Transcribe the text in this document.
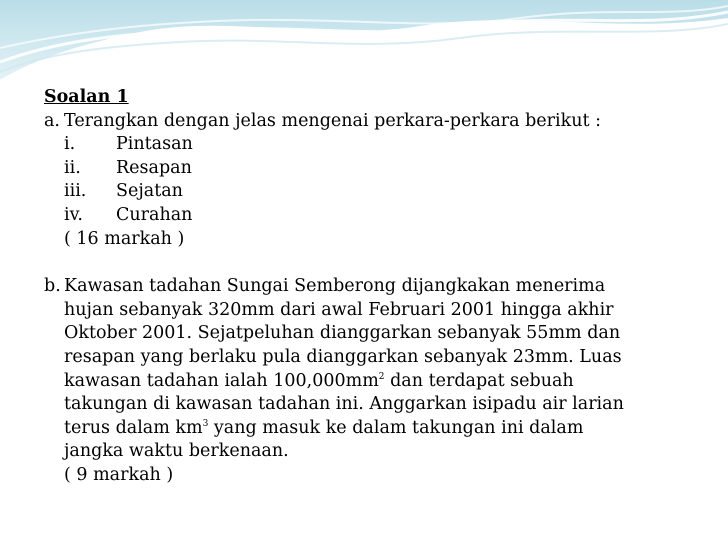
Soalan 1
a. Terangkan dengan jelas mengenai perkara-perkara berikut :
i. Pintasan
ii. Resapan
iii. Sejatan
iv. Curahan
( 16 markah )
b. Kawasan tadahan Sungai Semberong dijangkakan menerima
hujan sebanyak 320mm dari awal Februari 2001 hingga akhir
Oktober 2001. Sejatpeluhan dianggarkan sebanyak 55mm dan
resapan yang berlaku pula dianggarkan sebanyak 23mm. Luas
kawasan tadahan ialah $100,000mm^2$ dan terdapat sebuah
takungan di kawasan tadahan ini. Anggarkan isipadu air larian
terus dalam $km^3$ yang masuk ke dalam takungan ini dalam
jangka waktu berkenaan.
( 9 markah )
